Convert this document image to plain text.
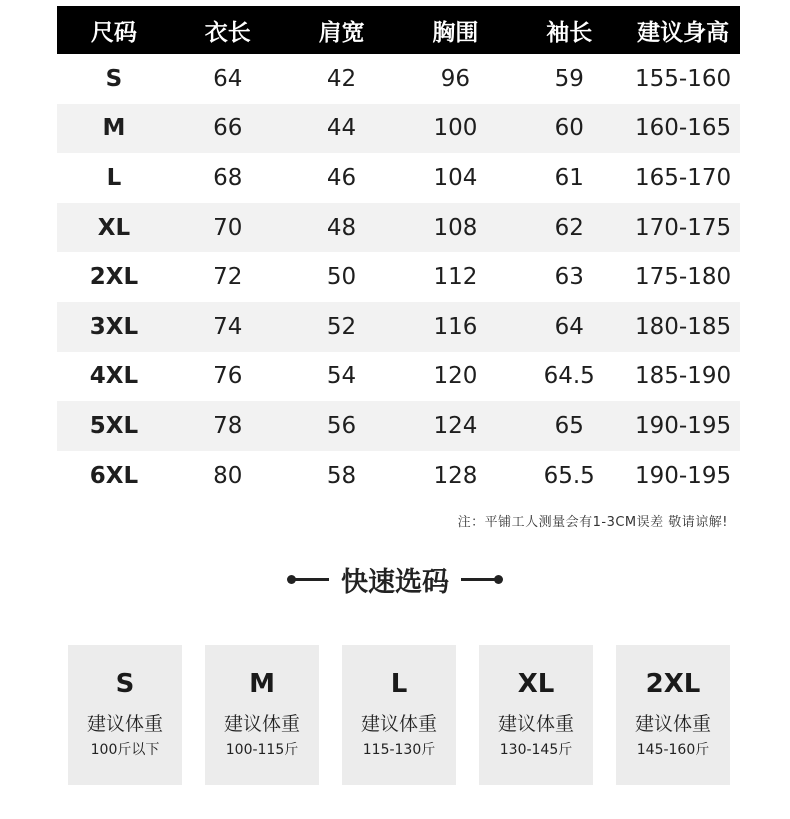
尺码	衣长	肩宽	胸围	袖长	建议身高
S	64	42	96	59	155-160
M	66	44	100	60	160-165
L	68	46	104	61	165-170
XL	70	48	108	62	170-175
2XL	72	50	112	63	175-180
3XL	74	52	116	64	180-185
4XL	76	54	120	64.5	185-190
5XL	78	56	124	65	190-195
6XL	80	58	128	65.5	190-195
注：平铺工人测量会有1-3CM误差 敬请谅解!
快速选码
S
建议体重
100斤以下
M
建议体重
100-115斤
L
建议体重
115-130斤
XL
建议体重
130-145斤
2XL
建议体重
145-160斤
